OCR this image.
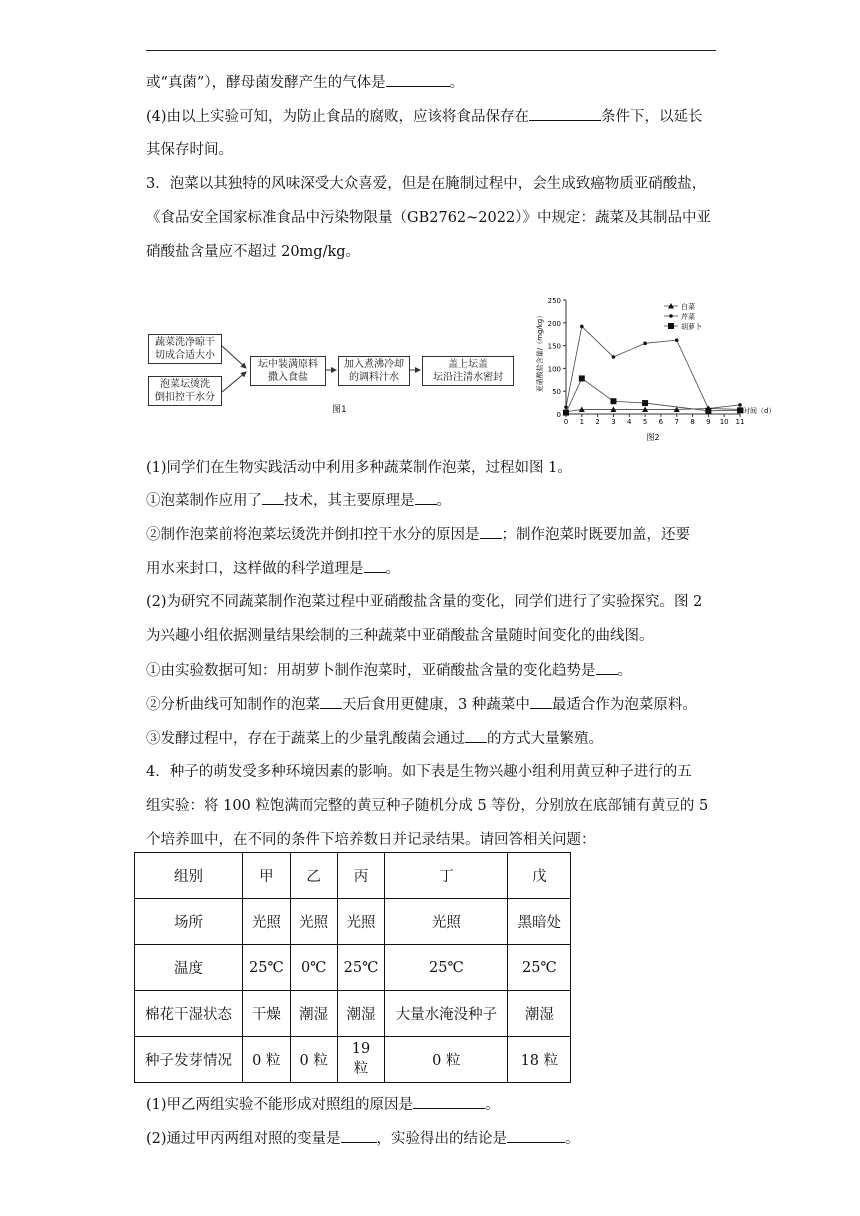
或“真菌”），酵母菌发酵产生的气体是	。
(4)由以上实验可知，为防止食品的腐败，应该将食品保存在	条件下，以延长
其保存时间。
3．泡菜以其独特的风味深受大众喜爱，但是在腌制过程中，会生成致癌物质亚硝酸盐，
《食品安全国家标准食品中污染物限量（GB2762~2022）》中规定：蔬菜及其制品中亚
硝酸盐含量应不超过 20mg/kg。
蔬菜洗净晾干
切成合适大小
泡菜坛烫洗
倒扣控干水分
坛中装满原料
撒入食盐
加入煮沸冷却
的调料汁水
盖上坛盖
坛沿注清水密封
图1	0
50
100
150
200
250
0 1 2 3 4 5 6 7 8 9 10 11
时间（d）
亚硝酸盐含量/（mg/kg）
图2
白菜
芹菜
胡萝卜
(1)同学们在生物实践活动中利用多种蔬菜制作泡菜，过程如图 1。
①泡菜制作应用了 技术，其主要原理是 。
②制作泡菜前将泡菜坛烫洗并倒扣控干水分的原因是 ；制作泡菜时既要加盖，还要
用水来封口，这样做的科学道理是 。
(2)为研究不同蔬菜制作泡菜过程中亚硝酸盐含量的变化，同学们进行了实验探究。图 2
为兴趣小组依据测量结果绘制的三种蔬菜中亚硝酸盐含量随时间变化的曲线图。
①由实验数据可知：用胡萝卜制作泡菜时，亚硝酸盐含量的变化趋势是 。
②分析曲线可知制作的泡菜 天后食用更健康，3 种蔬菜中 最适合作为泡菜原料。
③发酵过程中，存在于蔬菜上的少量乳酸菌会通过 的方式大量繁殖。
4．种子的萌发受多种环境因素的影响。如下表是生物兴趣小组利用黄豆种子进行的五
组实验：将 100 粒饱满而完整的黄豆种子随机分成 5 等份，分别放在底部铺有黄豆的 5
个培养皿中，在不同的条件下培养数日并记录结果。请回答相关问题：
组别	甲	乙	丙	丁	戊
场所	光照	光照	光照	光照	黑暗处
温度	25℃	0℃	25℃	25℃	25℃
棉花干湿状态	干燥	潮湿	潮湿	大量水淹没种子	潮湿
种子发芽情况	0 粒	0 粒	19 粒	0 粒	18 粒
(1)甲乙两组实验不能形成对照组的原因是	。
(2)通过甲丙两组对照的变量是 ，实验得出的结论是	。
